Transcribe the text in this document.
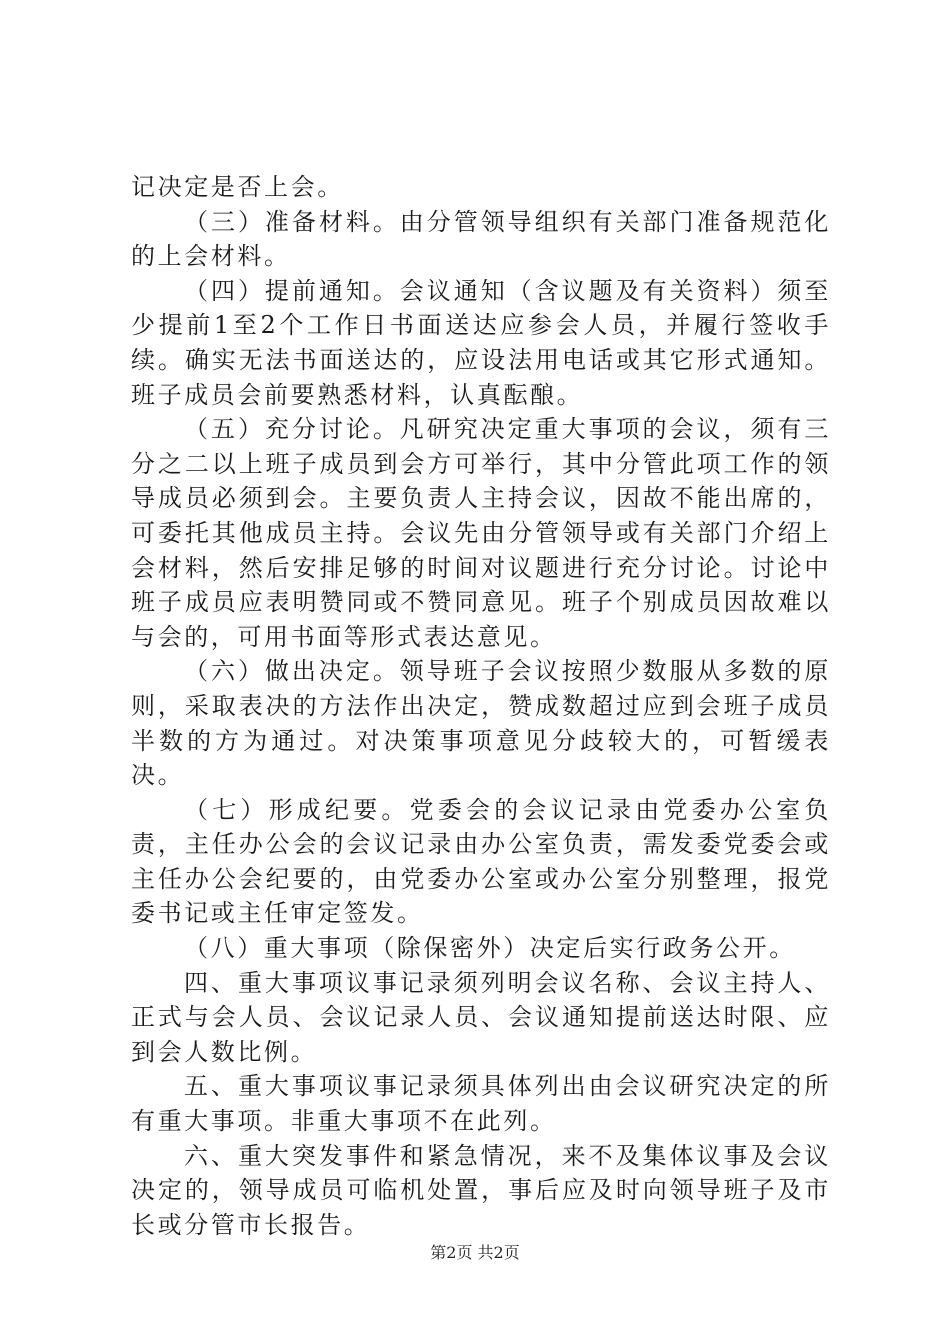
记决定是否上会。

（三）准备材料。由分管领导组织有关部门准备规范化的上会材料。

（四）提前通知。会议通知（含议题及有关资料）须至少提前1至2个工作日书面送达应参会人员，并履行签收手续。确实无法书面送达的，应设法用电话或其它形式通知。班子成员会前要熟悉材料，认真酝酿。

（五）充分讨论。凡研究决定重大事项的会议，须有三分之二以上班子成员到会方可举行，其中分管此项工作的领导成员必须到会。主要负责人主持会议，因故不能出席的，可委托其他成员主持。会议先由分管领导或有关部门介绍上会材料，然后安排足够的时间对议题进行充分讨论。讨论中班子成员应表明赞同或不赞同意见。班子个别成员因故难以与会的，可用书面等形式表达意见。

（六）做出决定。领导班子会议按照少数服从多数的原则，采取表决的方法作出决定，赞成数超过应到会班子成员半数的方为通过。对决策事项意见分歧较大的，可暂缓表决。

（七）形成纪要。党委会的会议记录由党委办公室负责，主任办公会的会议记录由办公室负责，需发委党委会或主任办公会纪要的，由党委办公室或办公室分别整理，报党委书记或主任审定签发。

（八）重大事项（除保密外）决定后实行政务公开。

四、重大事项议事记录须列明会议名称、会议主持人、正式与会人员、会议记录人员、会议通知提前送达时限、应到会人数比例。

五、重大事项议事记录须具体列出由会议研究决定的所有重大事项。非重大事项不在此列。

六、重大突发事件和紧急情况，来不及集体议事及会议决定的，领导成员可临机处置，事后应及时向领导班子及市长或分管市长报告。

第2页 共2页
